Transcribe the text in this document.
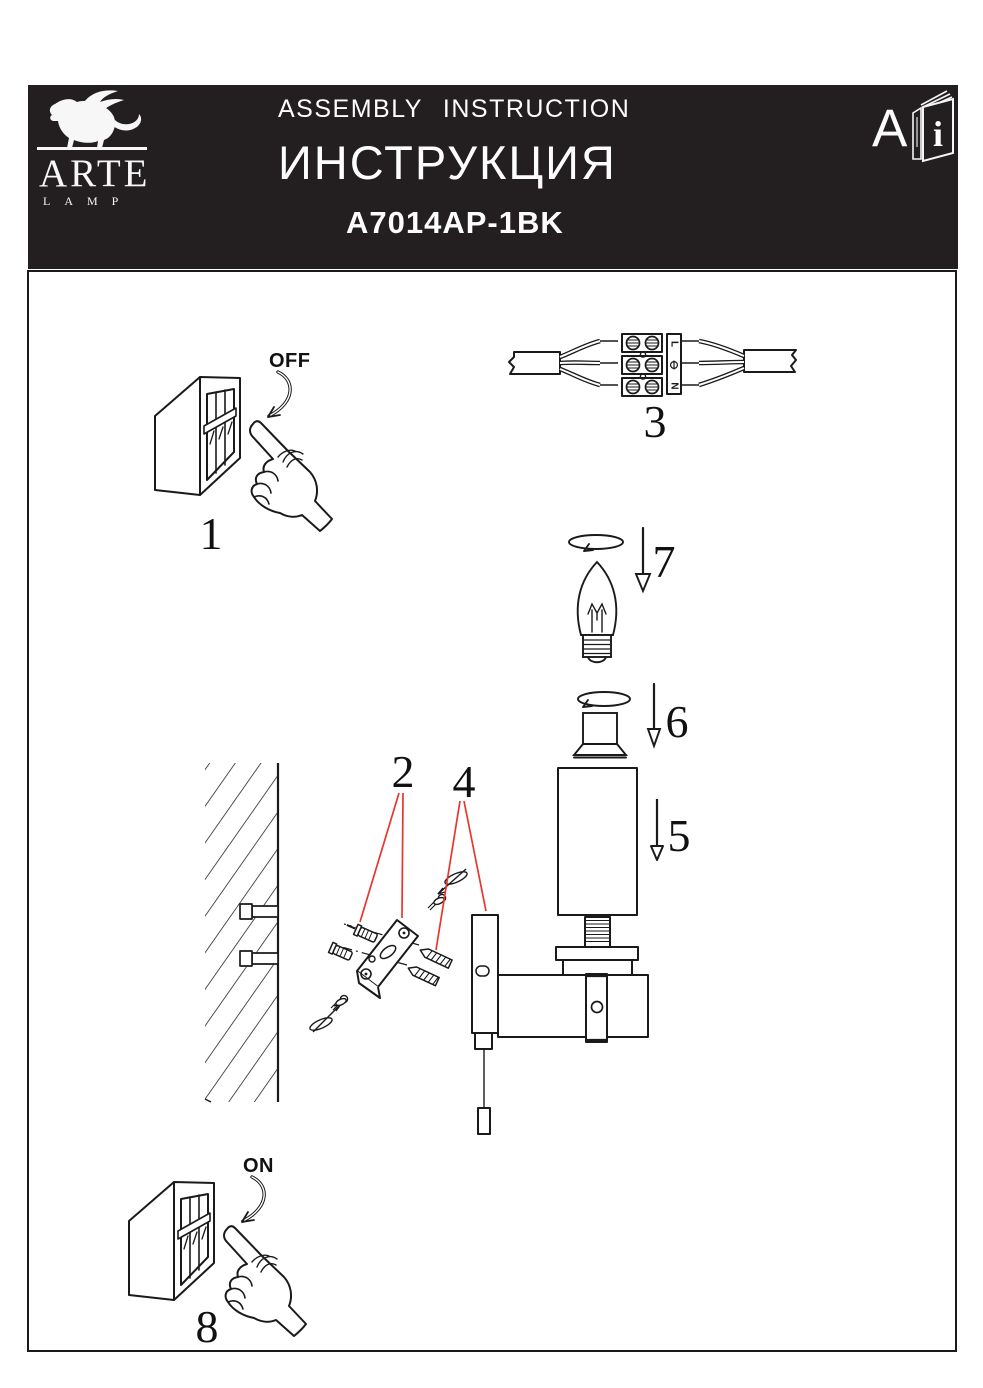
ARTE
LAMP
ASSEMBLY INSTRUCTION
ИНСТРУКЦИЯ
A7014AP-1BK
A i
L
N
OFF
ON
1
2
3
4
5
6
7
8
